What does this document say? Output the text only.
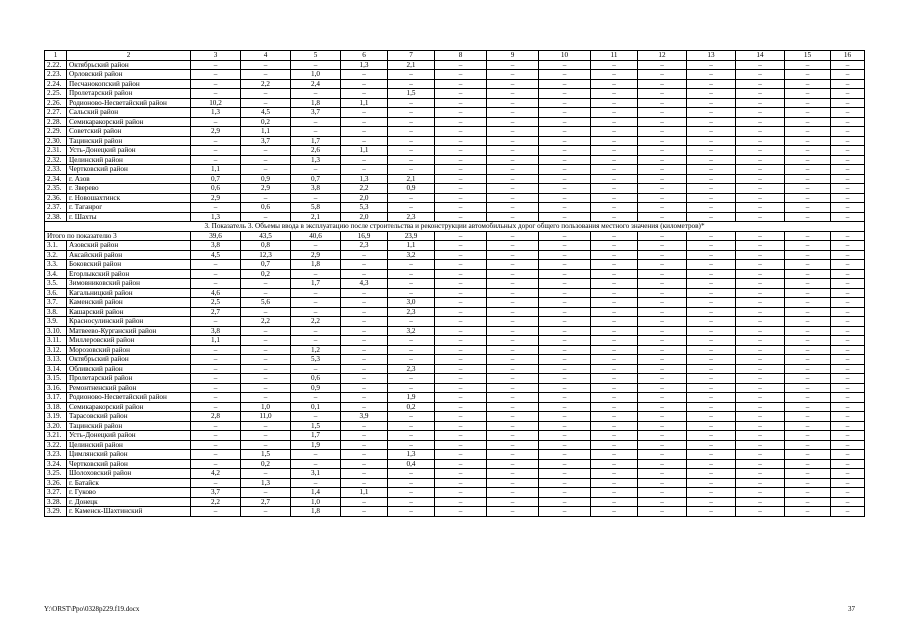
1	2	3	4	5	6	7	8	9	10	11	12	13	14	15	16
2.22.	Октябрьский район	–	–	–	1,3	2,1	–	–	–	–	–	–	–	–	–
2.23.	Орловский район	–	–	1,0	–	–	–	–	–	–	–	–	–	–	–
2.24.	Песчанокопский район	–	2,2	2,4	–	–	–	–	–	–	–	–	–	–	–
2.25.	Пролетарский район	–	–	–	–	1,5	–	–	–	–	–	–	–	–	–
2.26.	Родионово-Несветайский район	10,2	–	1,8	1,1	–	–	–	–	–	–	–	–	–	–
2.27.	Сальский район	1,3	4,5	3,7	–	–	–	–	–	–	–	–	–	–	–
2.28.	Семикаракорский район	–	0,2	–	–	–	–	–	–	–	–	–	–	–	–
2.29.	Советский район	2,9	1,1	–	–	–	–	–	–	–	–	–	–	–	–
2.30.	Тацинский район	–	3,7	1,7	–	–	–	–	–	–	–	–	–	–	–
2.31.	Усть-Донецкий район	–	–	2,6	1,1	–	–	–	–	–	–	–	–	–	–
2.32.	Целинский район	–	–	1,3	–	–	–	–	–	–	–	–	–	–	–
2.33.	Чертковский район	1,1	–	–	–	–	–	–	–	–	–	–	–	–	–
2.34.	г. Азов	0,7	0,9	0,7	1,3	2,1	–	–	–	–	–	–	–	–	–
2.35.	г. Зверево	0,6	2,9	3,8	2,2	0,9	–	–	–	–	–	–	–	–	–
2.36.	г. Новошахтинск	2,9	–	–	2,0	–	–	–	–	–	–	–	–	–	–
2.37.	г. Таганрог	–	0,6	5,8	5,3	–	–	–	–	–	–	–	–	–	–
2.38.	г. Шахты	1,3	–	2,1	2,0	2,3	–	–	–	–	–	–	–	–	–
3. Показатель 3. Объемы ввода в эксплуатацию после строительства и реконструкции автомобильных дорог общего пользования местного значения (километров)*															
Итого по показателю 3		39,6	43,5	40,6	16,9	23,9	–	–	–	–	–	–	–	–	–
3.1.	Азовский район	3,8	0,8	–	2,3	1,1	–	–	–	–	–	–	–	–	–
3.2.	Аксайский район	4,5	12,3	2,9	–	3,2	–	–	–	–	–	–	–	–	–
3.3.	Боковский район	–	0,7	1,8	–	–	–	–	–	–	–	–	–	–	–
3.4.	Егорлыкский район	–	0,2	–	–	–	–	–	–	–	–	–	–	–	–
3.5.	Зимовниковский район	–	–	1,7	4,3	–	–	–	–	–	–	–	–	–	–
3.6.	Кагальницкий район	4,6	–	–	–	–	–	–	–	–	–	–	–	–	–
3.7.	Каменский район	2,5	5,6	–	–	3,0	–	–	–	–	–	–	–	–	–
3.8.	Кашарский район	2,7	–	–	–	2,3	–	–	–	–	–	–	–	–	–
3.9.	Красносулинский район	–	2,2	2,2	–	–	–	–	–	–	–	–	–	–	–
3.10.	Матвеево-Курганский район	3,8	–	–	–	3,2	–	–	–	–	–	–	–	–	–
3.11.	Миллеровский район	1,1	–	–	–	–	–	–	–	–	–	–	–	–	–
3.12.	Морозовский район	–	–	1,2	–	–	–	–	–	–	–	–	–	–	–
3.13.	Октябрьский район	–	–	5,3	–	–	–	–	–	–	–	–	–	–	–
3.14.	Обливский район	–	–	–	–	2,3	–	–	–	–	–	–	–	–	–
3.15.	Пролетарский район	–	–	0,6	–	–	–	–	–	–	–	–	–	–	–
3.16.	Ремонтненский район	–	–	0,9	–	–	–	–	–	–	–	–	–	–	–
3.17.	Родионово-Несветайский район	–	–	–	–	1,9	–	–	–	–	–	–	–	–	–
3.18.	Семикаракорский район	–	1,0	0,1	–	0,2	–	–	–	–	–	–	–	–	–
3.19.	Тарасовский район	2,8	11,0	–	3,9	–	–	–	–	–	–	–	–	–	–
3.20.	Тацинский район	–	–	1,5	–	–	–	–	–	–	–	–	–	–	–
3.21.	Усть-Донецкий район	–	–	1,7	–	–	–	–	–	–	–	–	–	–	–
3.22.	Целинский район	–	–	1,9	–	–	–	–	–	–	–	–	–	–	–
3.23.	Цимлянский район	–	1,5	–	–	1,3	–	–	–	–	–	–	–	–	–
3.24.	Чертковский район	–	0,2	–	–	0,4	–	–	–	–	–	–	–	–	–
3.25.	Шолоховский район	4,2	–	3,1	–	–	–	–	–	–	–	–	–	–	–
3.26.	г. Батайск	–	1,3	–	–	–	–	–	–	–	–	–	–	–	–
3.27.	г. Гуково	3,7	–	1,4	1,1	–	–	–	–	–	–	–	–	–	–
3.28.	г. Донецк	2,2	2,7	1,0	–	–	–	–	–	–	–	–	–	–	–
3.29.	г. Каменск-Шахтинский	–	–	1,8	–	–	–	–	–	–	–	–	–	–	–
Y:\ORST\Ppo\0328p229.f19.docx	37
